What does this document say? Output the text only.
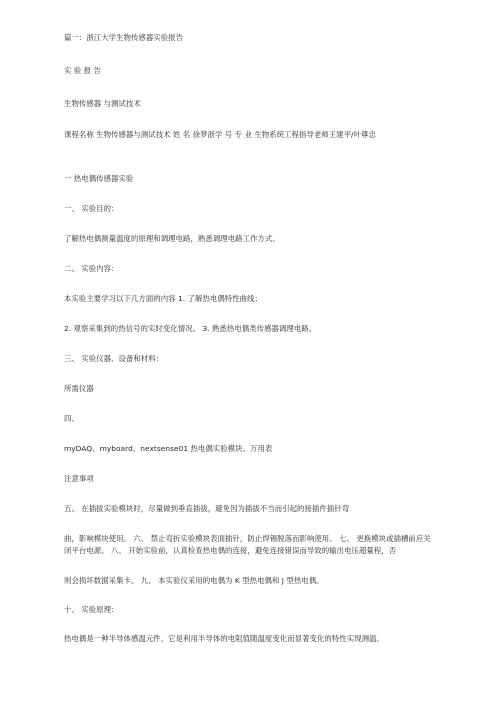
篇一：浙江大学生物传感器实验报告
实 验 报 告
生物传感器 与测试技术
课程名称 生物传感器与测试技术 姓 名 徐梦浙学 号 专 业 生物系统工程指导老师王建平/叶尊忠
一 热电偶传感器实验
一、 实验目的：
了解热电偶测量温度的原理和调理电路，熟悉调理电路工作方式。
二、 实验内容：
本实验主要学习以下几方面的内容 1. 了解热电偶特性曲线；
2. 观察采集到的热信号的实时变化情况。 3. 熟悉热电偶类传感器调理电路。
三、 实验仪器、设备和材料：
所需仪器
四、
myDAQ、myboard、nextsense01 热电偶实验模块、万用表
注意事项
五、 在插拔实验模块时，尽量做到垂直插拔，避免因为插拔不当而引起的接插件插针弯
曲，影响模块使用。 六、 禁止弯折实验模块表面插针，防止焊锡脱落而影响使用。 七、 更换模块或插槽前应关闭平台电源。 八、 开始实验前，认真检查热电偶的连接，避免连接错误而导致的输出电压超量程，否
则会损坏数据采集卡。 九、 本实验仪采用的电偶为 K 型热电偶和 J 型热电偶。
十、 实验原理：
热电偶是一种半导体感温元件，它是利用半导体的电阻值随温度变化而显著变化的特性实现测温。
